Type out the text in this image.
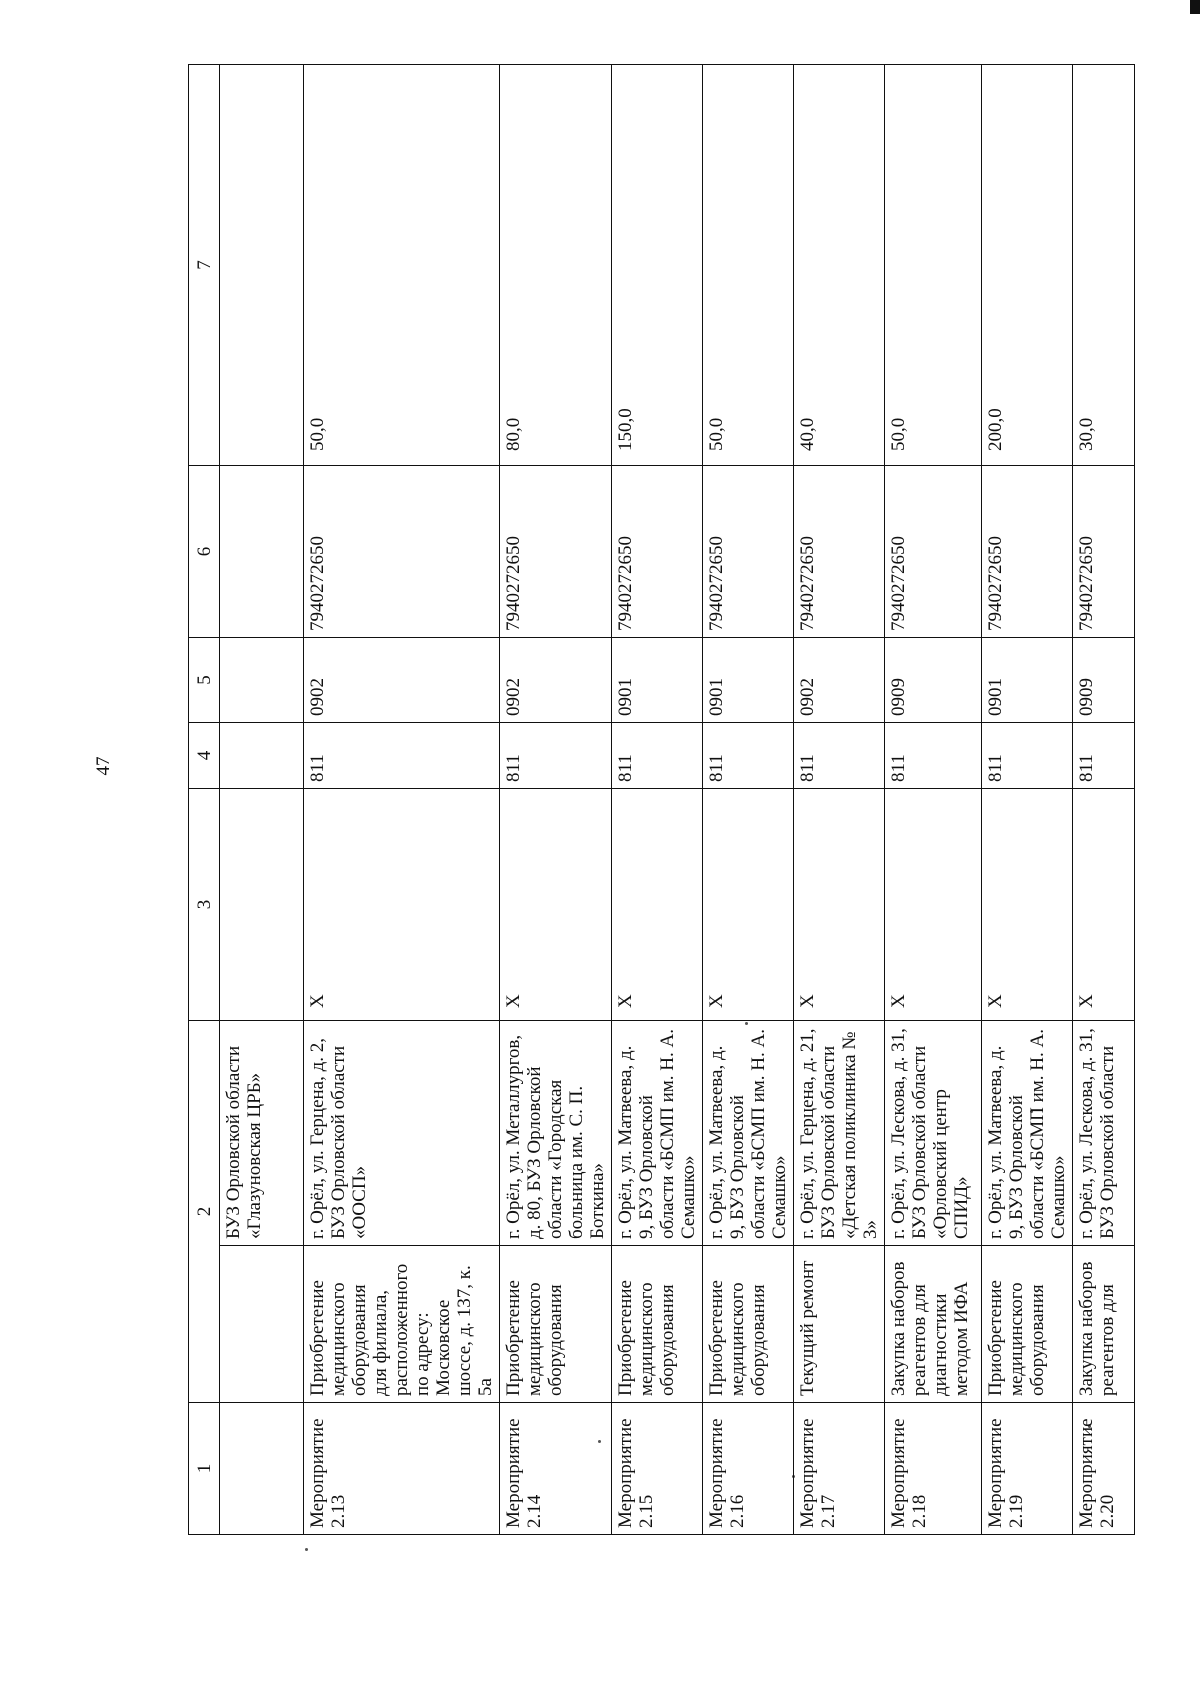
47
1	2		3	4	5	6	7
		БУЗ Орловской области «Глазуновская ЦРБ»					
Мероприятие 2.13	Приобретение медицинского оборудования для филиала, расположенного по адресу: Московское шоссе, д. 137, к. 5а	г. Орёл, ул. Герцена, д. 2, БУЗ Орловской области «ООСП»	Х	811	0902	7940272650	50,0
Мероприятие 2.14	Приобретение медицинского оборудования	г. Орёл, ул. Металлургов, д. 80, БУЗ Орловской области «Городская больница им. С. П. Боткина»	Х	811	0902	7940272650	80,0
Мероприятие 2.15	Приобретение медицинского оборудования	г. Орёл, ул. Матвеева, д. 9, БУЗ Орловской области «БСМП им. Н. А. Семашко»	Х	811	0901	7940272650	150,0
Мероприятие 2.16	Приобретение медицинского оборудования	г. Орёл, ул. Матвеева, д. 9, БУЗ Орловской области «БСМП им. Н. А. Семашко»	Х	811	0901	7940272650	50,0
Мероприятие 2.17	Текущий ремонт	г. Орёл, ул. Герцена, д. 21, БУЗ Орловской области «Детская поликлиника № 3»	Х	811	0902	7940272650	40,0
Мероприятие 2.18	Закупка наборов реагентов для диагностики методом ИФА	г. Орёл, ул. Лескова, д. 31, БУЗ Орловской области «Орловский центр СПИД»	Х	811	0909	7940272650	50,0
Мероприятие 2.19	Приобретение медицинского оборудования	г. Орёл, ул. Матвеева, д. 9, БУЗ Орловской области «БСМП им. Н. А. Семашко»	Х	811	0901	7940272650	200,0
Мероприятие 2.20	Закупка наборов реагентов для	г. Орёл, ул. Лескова, д. 31, БУЗ Орловской области	Х	811	0909	7940272650	30,0
